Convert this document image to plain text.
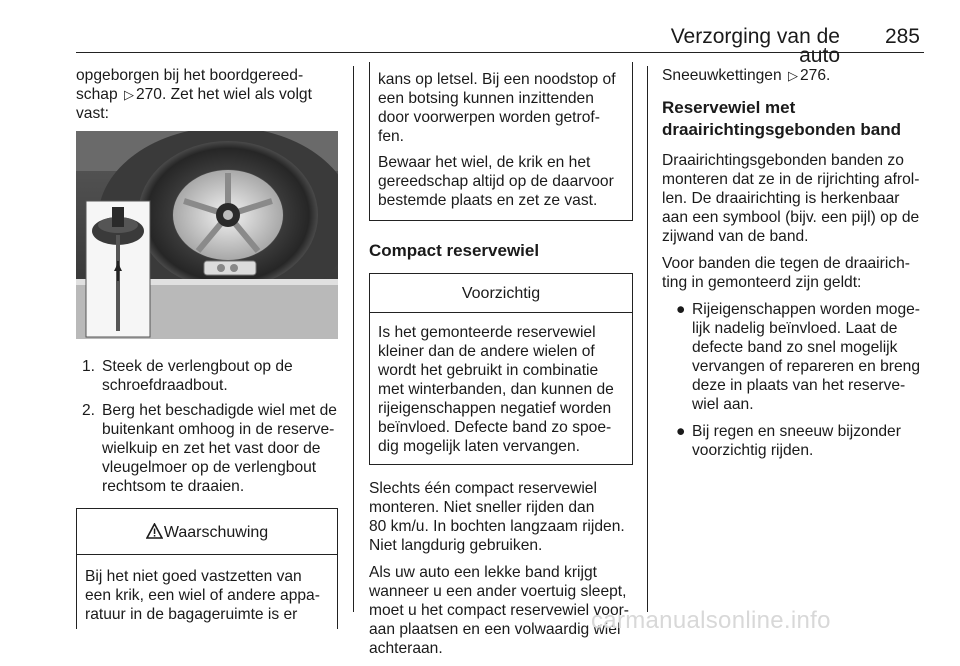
Verzorging van de auto
285

opgeborgen bij het boordgereed-
schap ▷ 270. Zet het wiel als volgt
vast:

1. Steek de verlengbout op de
schroefdraadbout.
2. Berg het beschadigde wiel met de
buitenkant omhoog in de reserve-
wielkuip en zet het vast door de
vleugelmoer op de verlengbout
rechtsom te draaien.
Waarschuwing
Bij het niet goed vastzetten van
een krik, een wiel of andere appa-
ratuur in de bagageruimte is er

kans op letsel. Bij een noodstop of
een botsing kunnen inzittenden
door voorwerpen worden getrof-
fen.

Bewaar het wiel, de krik en het
gereedschap altijd op de daarvoor
bestemde plaats en zet ze vast.

Compact reservewiel
Voorzichtig
Is het gemonteerde reservewiel
kleiner dan de andere wielen of
wordt het gebruikt in combinatie
met winterbanden, dan kunnen de
rijeigenschappen negatief worden
beïnvloed. Defecte band zo spoe-
dig mogelijk laten vervangen.

Slechts één compact reservewiel
monteren. Niet sneller rijden dan
80 km/u. In bochten langzaam rijden.
Niet langdurig gebruiken.

Als uw auto een lekke band krijgt
wanneer u een ander voertuig sleept,
moet u het compact reservewiel voor-
aan plaatsen en een volwaardig wiel
achteraan.

Sneeuwkettingen ▷ 276.

Reservewiel met
draairichtingsgebonden band

Draairichtingsgebonden banden zo
monteren dat ze in de rijrichting afrol-
len. De draairichting is herkenbaar
aan een symbool (bijv. een pijl) op de
zijwand van de band.

Voor banden die tegen de draairich-
ting in gemonteerd zijn geldt:

● Rijeigenschappen worden moge-
lijk nadelig beïnvloed. Laat de
defecte band zo snel mogelijk
vervangen of repareren en breng
deze in plaats van het reserve-
wiel aan.
● Bij regen en sneeuw bijzonder
voorzichtig rijden.
carmanualsonline.info
